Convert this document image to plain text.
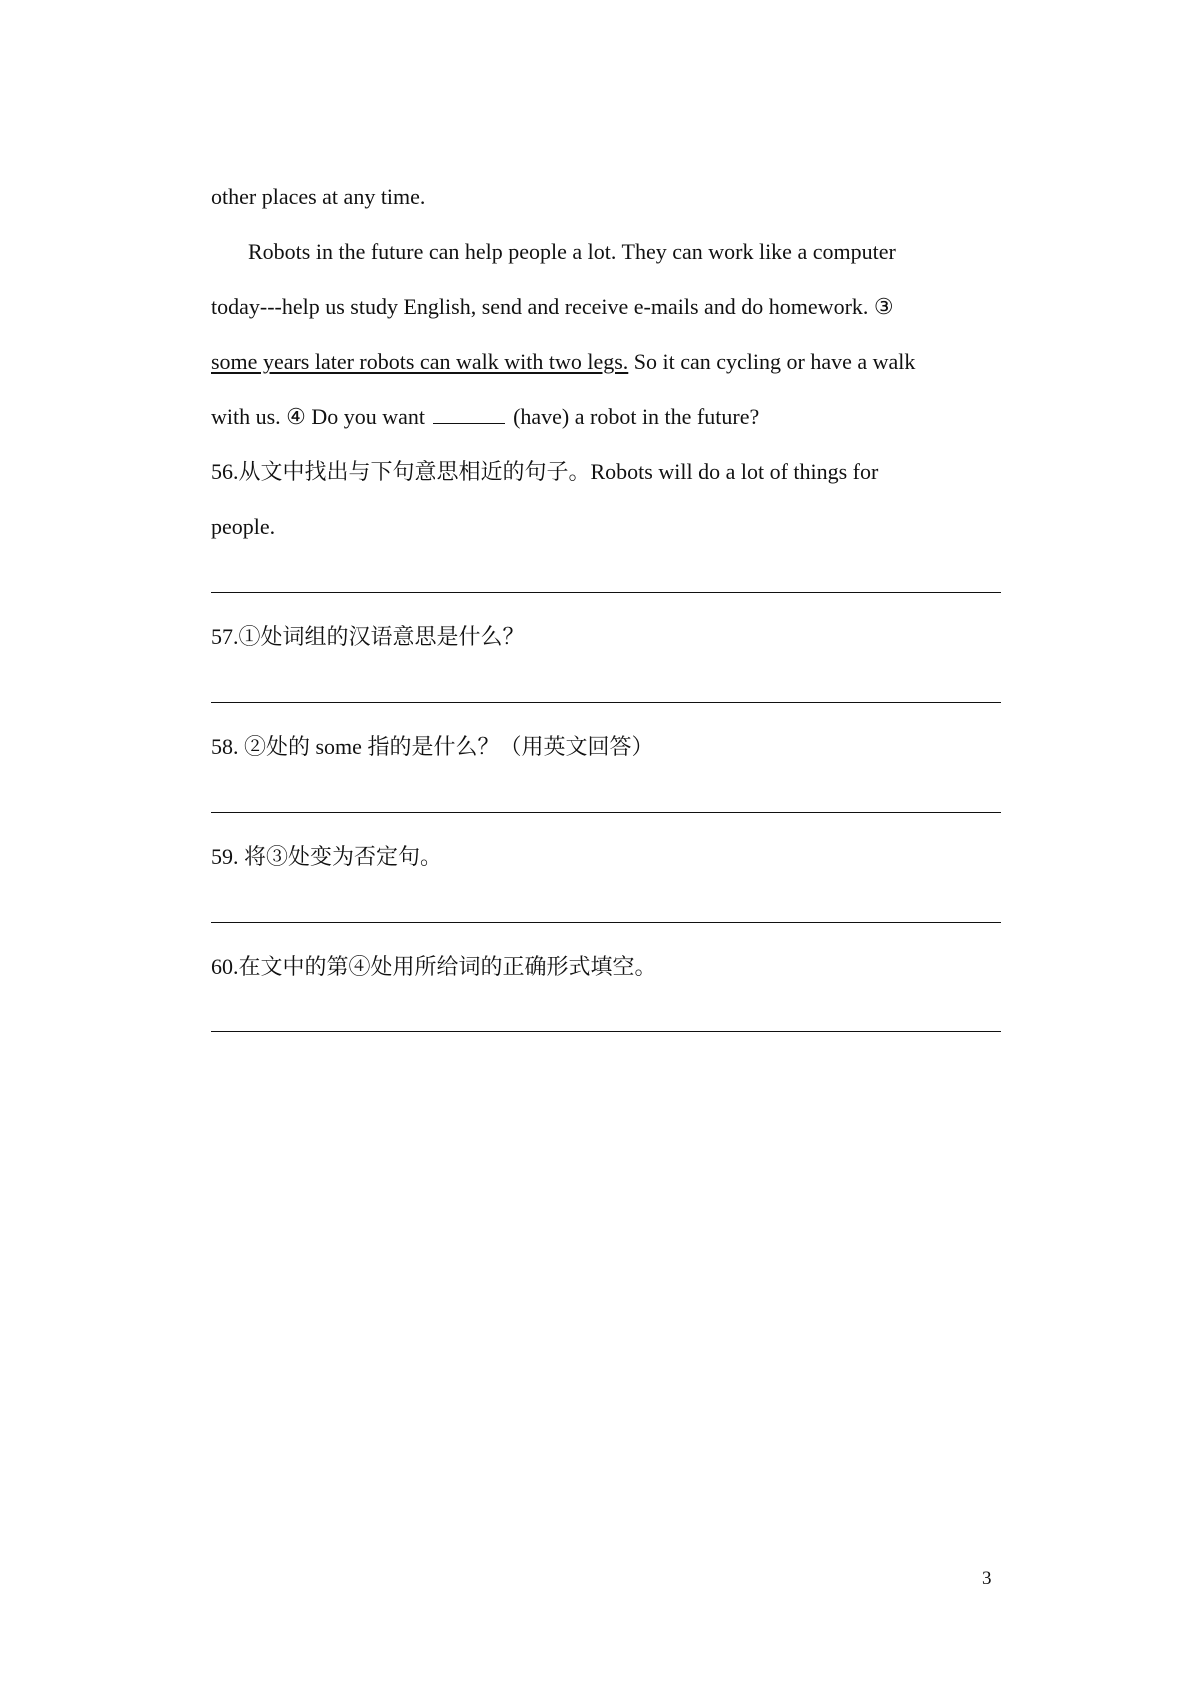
other places at any time.
Robots in the future can help people a lot. They can work like a computer
today---help us study English, send and receive e-mails and do homework. ③
some years later robots can walk with two legs. So it can cycling or have a walk
with us. ④ Do you want	(have) a robot in the future?
56.从文中找出与下句意思相近的句子。Robots will do a lot of things for
people.
57.①处词组的汉语意思是什么？
58. ②处的 some 指的是什么？（用英文回答）
59. 将③处变为否定句。
60.在文中的第④处用所给词的正确形式填空。
3
